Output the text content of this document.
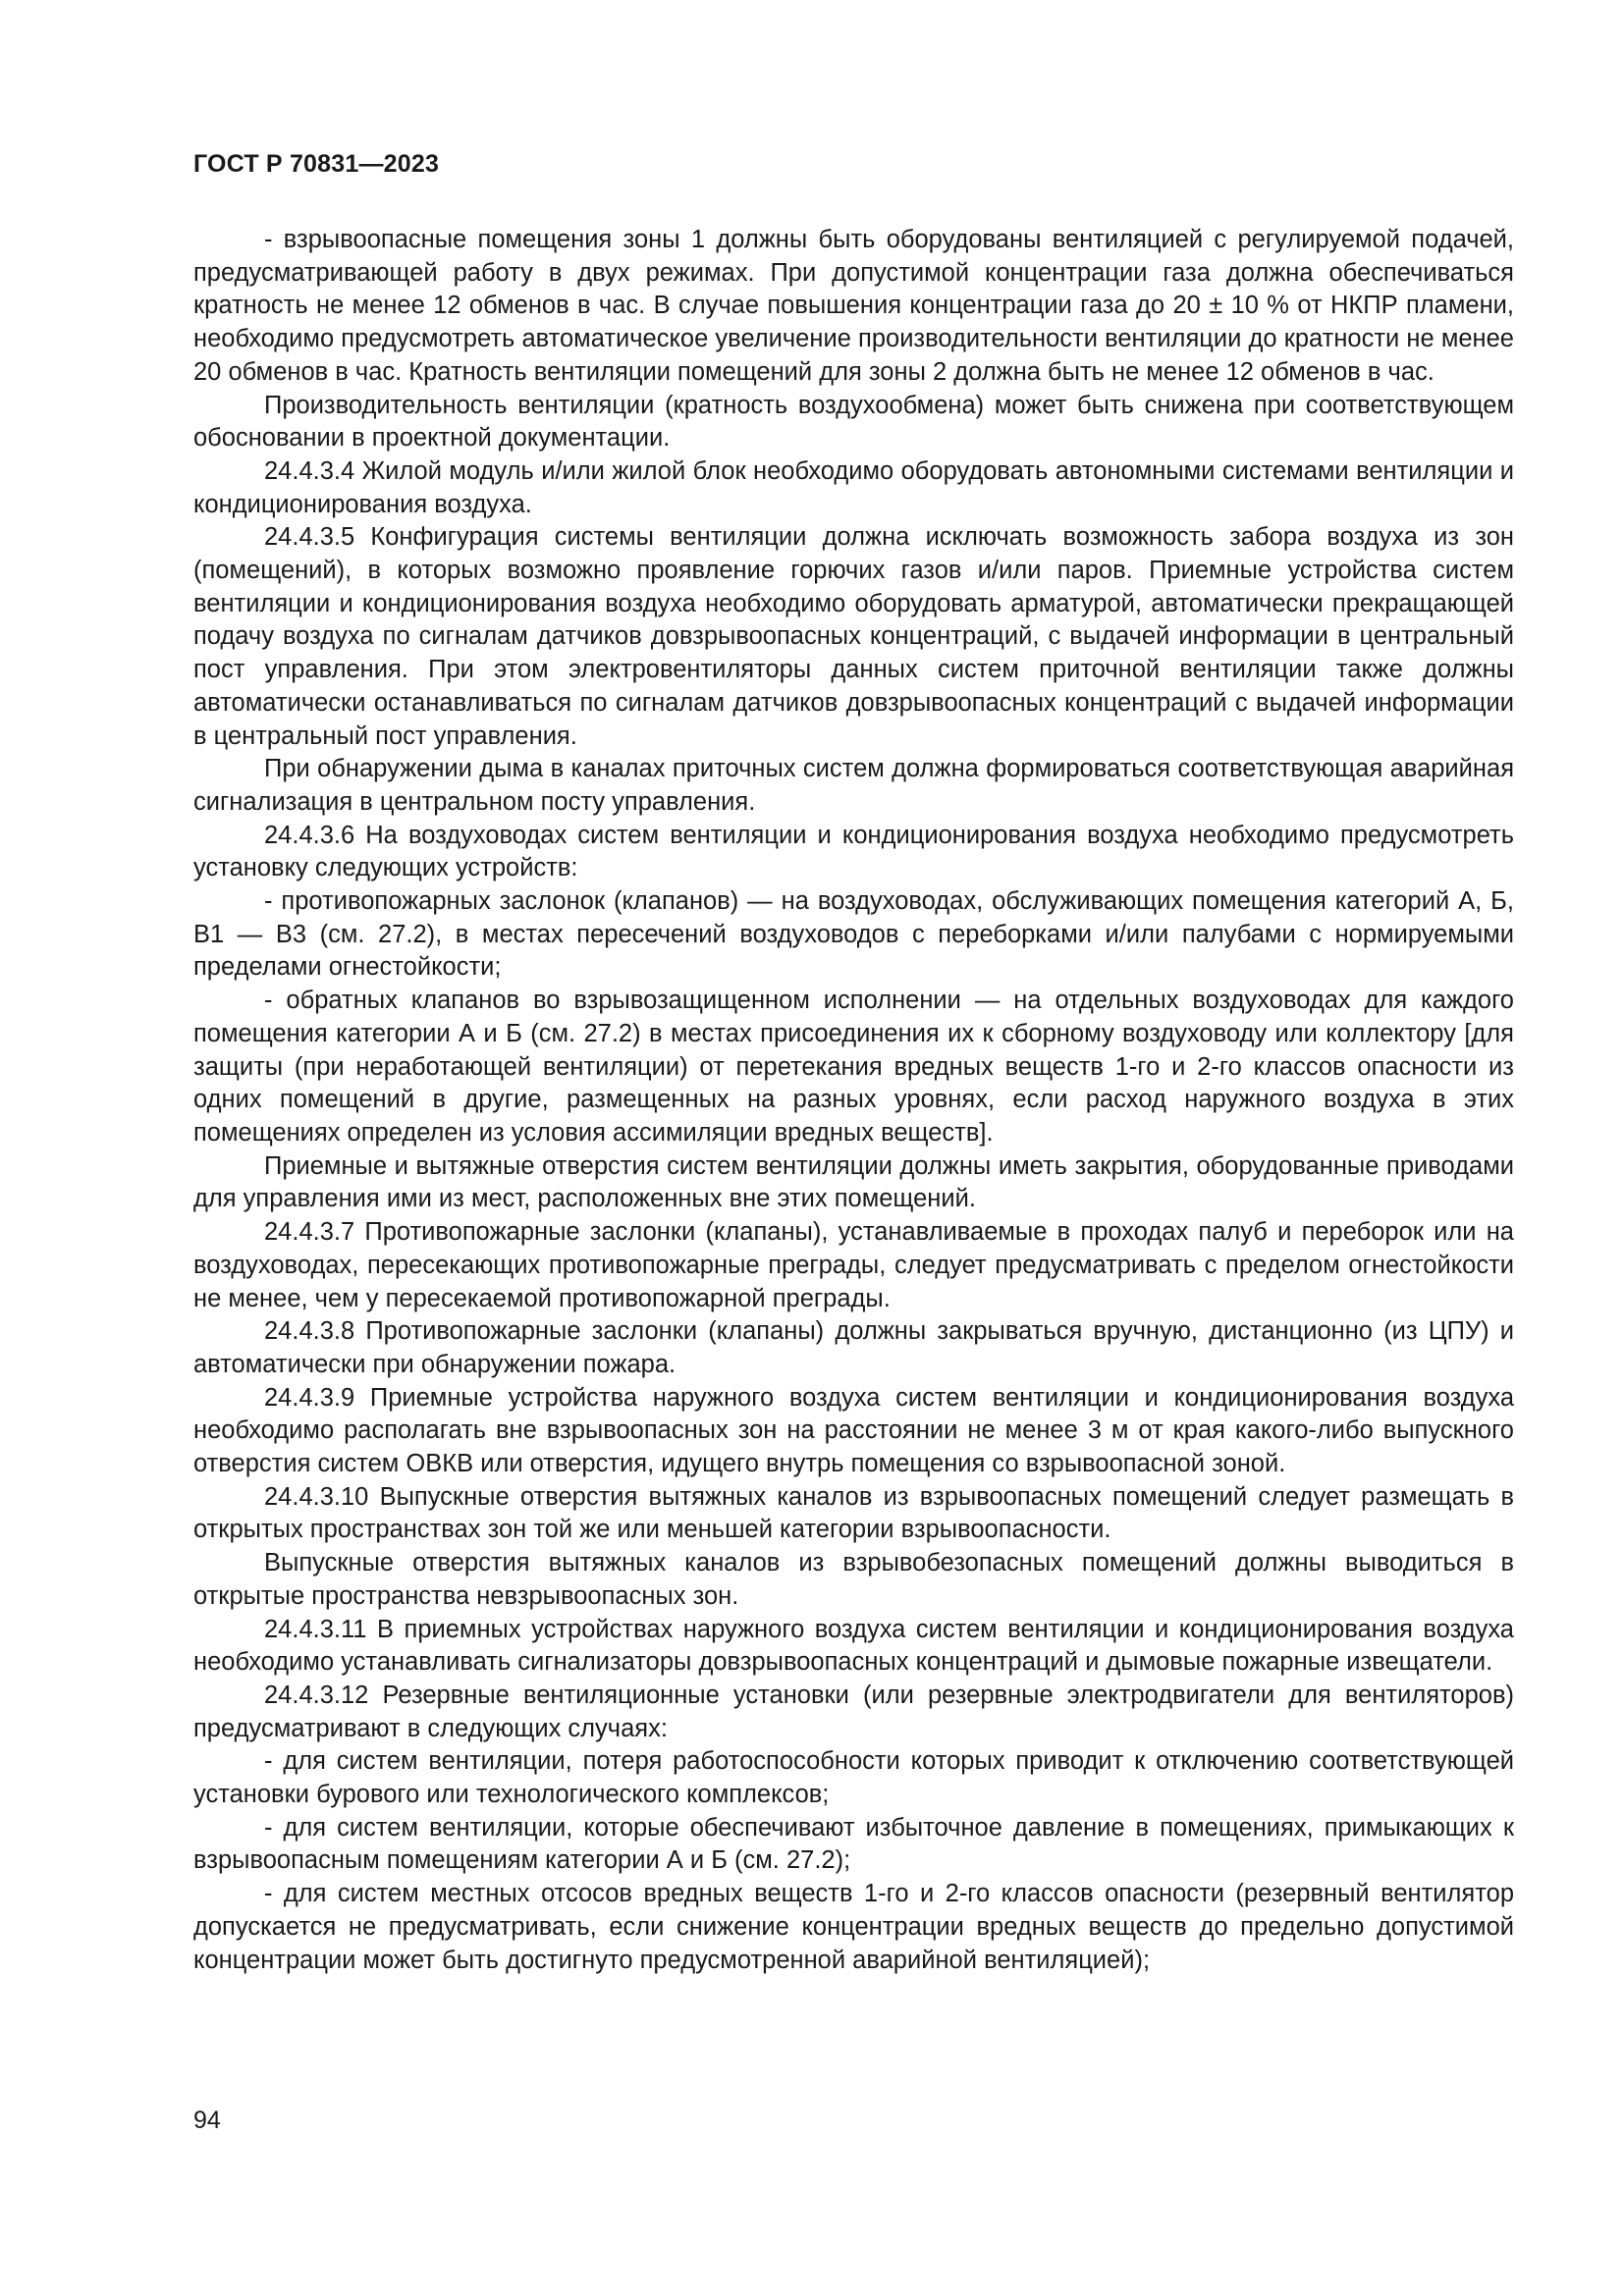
ГОСТ Р 70831—2023

- взрывоопасные помещения зоны 1 должны быть оборудованы вентиляцией с регулируемой подачей, предусматривающей работу в двух режимах. При допустимой концентрации газа должна обеспечиваться кратность не менее 12 обменов в час. В случае повышения концентрации газа до 20 ± 10 % от НКПР пламени, необходимо предусмотреть автоматическое увеличение производительности вентиляции до кратности не менее 20 обменов в час. Кратность вентиляции помещений для зоны 2 должна быть не менее 12 обменов в час.

Производительность вентиляции (кратность воздухообмена) может быть снижена при соответствующем обосновании в проектной документации.

24.4.3.4 Жилой модуль и/или жилой блок необходимо оборудовать автономными системами вентиляции и кондиционирования воздуха.

24.4.3.5 Конфигурация системы вентиляции должна исключать возможность забора воздуха из зон (помещений), в которых возможно проявление горючих газов и/или паров. Приемные устройства систем вентиляции и кондиционирования воздуха необходимо оборудовать арматурой, автоматически прекращающей подачу воздуха по сигналам датчиков довзрывоопасных концентраций, с выдачей информации в центральный пост управления. При этом электровентиляторы данных систем приточной вентиляции также должны автоматически останавливаться по сигналам датчиков довзрывоопасных концентраций с выдачей информации в центральный пост управления.

При обнаружении дыма в каналах приточных систем должна формироваться соответствующая аварийная сигнализация в центральном посту управления.

24.4.3.6 На воздуховодах систем вентиляции и кондиционирования воздуха необходимо предусмотреть установку следующих устройств:

- противопожарных заслонок (клапанов) — на воздуховодах, обслуживающих помещения категорий А, Б, В1 — В3 (см. 27.2), в местах пересечений воздуховодов с переборками и/или палубами с нормируемыми пределами огнестойкости;

- обратных клапанов во взрывозащищенном исполнении — на отдельных воздуховодах для каждого помещения категории А и Б (см. 27.2) в местах присоединения их к сборному воздуховоду или коллектору [для защиты (при неработающей вентиляции) от перетекания вредных веществ 1-го и 2-го классов опасности из одних помещений в другие, размещенных на разных уровнях, если расход наружного воздуха в этих помещениях определен из условия ассимиляции вредных веществ].

Приемные и вытяжные отверстия систем вентиляции должны иметь закрытия, оборудованные приводами для управления ими из мест, расположенных вне этих помещений.

24.4.3.7 Противопожарные заслонки (клапаны), устанавливаемые в проходах палуб и переборок или на воздуховодах, пересекающих противопожарные преграды, следует предусматривать с пределом огнестойкости не менее, чем у пересекаемой противопожарной преграды.

24.4.3.8 Противопожарные заслонки (клапаны) должны закрываться вручную, дистанционно (из ЦПУ) и автоматически при обнаружении пожара.

24.4.3.9 Приемные устройства наружного воздуха систем вентиляции и кондиционирования воздуха необходимо располагать вне взрывоопасных зон на расстоянии не менее 3 м от края какого-либо выпускного отверстия систем ОВКВ или отверстия, идущего внутрь помещения со взрывоопасной зоной.

24.4.3.10 Выпускные отверстия вытяжных каналов из взрывоопасных помещений следует размещать в открытых пространствах зон той же или меньшей категории взрывоопасности.

Выпускные отверстия вытяжных каналов из взрывобезопасных помещений должны выводиться в открытые пространства невзрывоопасных зон.

24.4.3.11 В приемных устройствах наружного воздуха систем вентиляции и кондиционирования воздуха необходимо устанавливать сигнализаторы довзрывоопасных концентраций и дымовые пожарные извещатели.

24.4.3.12 Резервные вентиляционные установки (или резервные электродвигатели для вентиляторов) предусматривают в следующих случаях:

- для систем вентиляции, потеря работоспособности которых приводит к отключению соответствующей установки бурового или технологического комплексов;

- для систем вентиляции, которые обеспечивают избыточное давление в помещениях, примыкающих к взрывоопасным помещениям категории А и Б (см. 27.2);

- для систем местных отсосов вредных веществ 1-го и 2-го классов опасности (резервный вентилятор допускается не предусматривать, если снижение концентрации вредных веществ до предельно допустимой концентрации может быть достигнуто предусмотренной аварийной вентиляцией);

94
